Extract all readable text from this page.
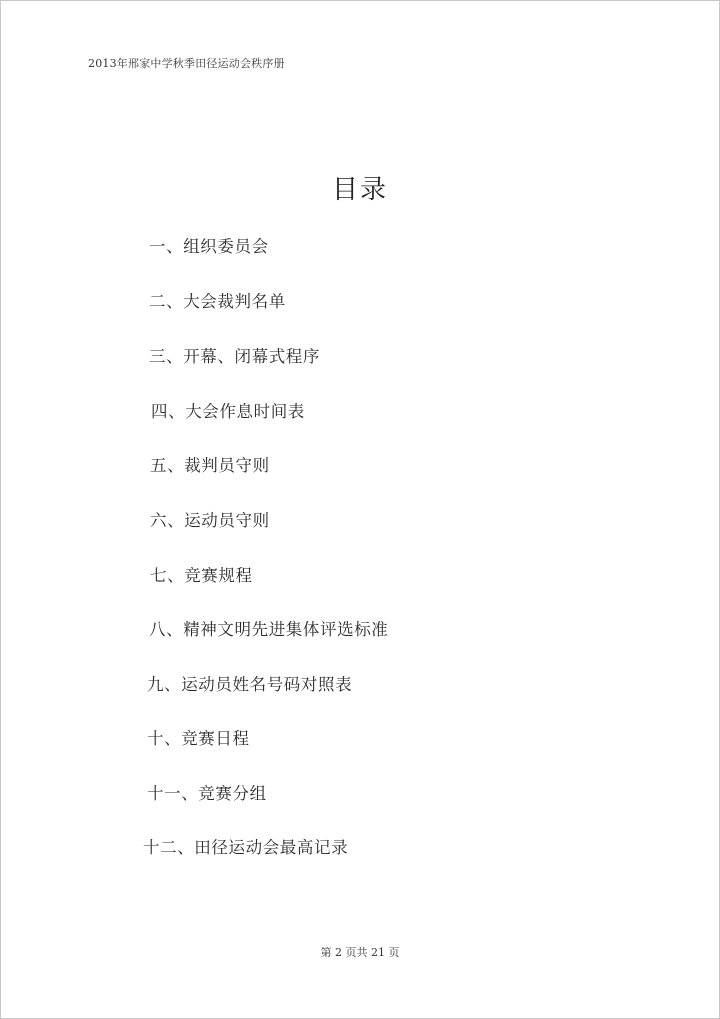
2013年邢家中学秋季田径运动会秩序册
目录
一、组织委员会
二、大会裁判名单
三、开幕、闭幕式程序
四、大会作息时间表
五、裁判员守则
六、运动员守则
七、竞赛规程
八、精神文明先进集体评选标准
九、运动员姓名号码对照表
十、竞赛日程
十一、竞赛分组
十二、田径运动会最高记录
第 2 页共 21 页
